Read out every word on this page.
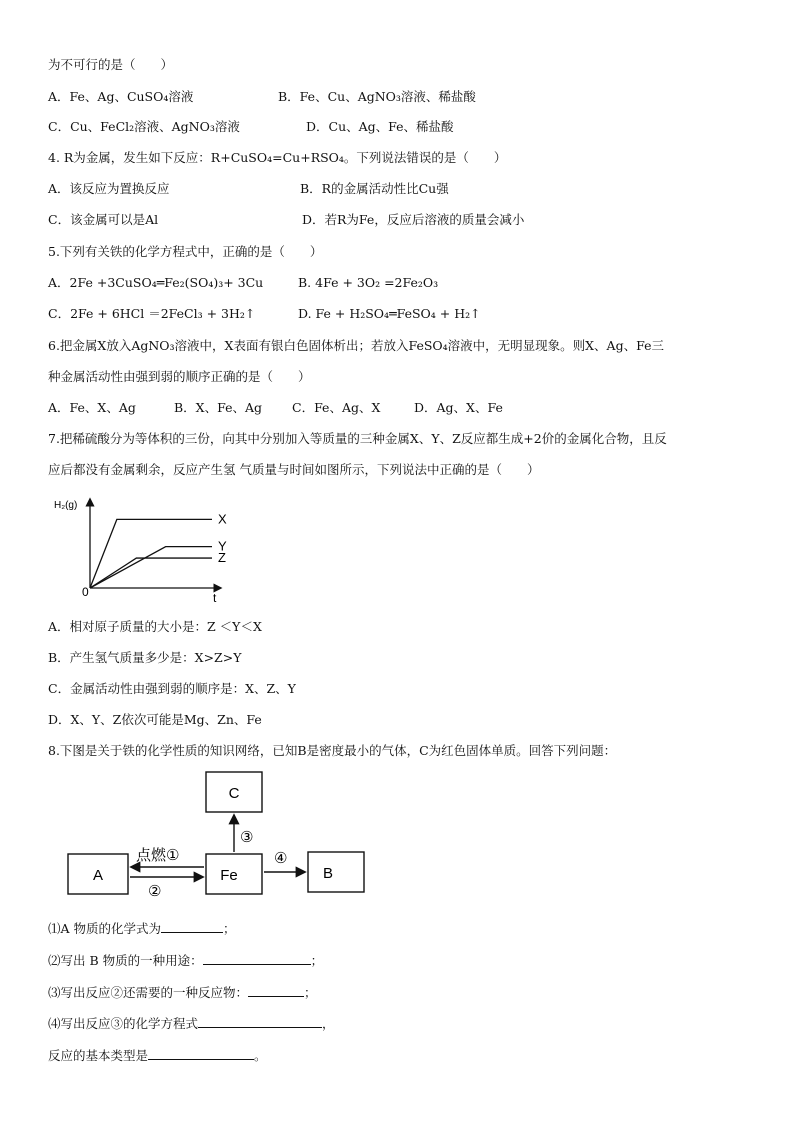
为不可行的是（　　）
A．Fe、Ag、CuSO₄溶液	B．Fe、Cu、AgNO₃溶液、稀盐酸
C．Cu、FeCl₂溶液、AgNO₃溶液	D．Cu、Ag、Fe、稀盐酸
4. R为金属，发生如下反应：R+CuSO₄=Cu+RSO₄。下列说法错误的是（　　）
A．该反应为置换反应	B．R的金属活动性比Cu强
C．该金属可以是Al	D．若R为Fe，反应后溶液的质量会减小
5.下列有关铁的化学方程式中，正确的是（　　）
A．2Fe +3CuSO₄═Fe₂(SO₄)₃+ 3Cu	B. 4Fe + 3O₂ =2Fe₂O₃
C．2Fe + 6HCl ＝2FeCl₃ + 3H₂↑	D. Fe + H₂SO₄═FeSO₄ + H₂↑
6.把金属X放入AgNO₃溶液中，X表面有银白色固体析出；若放入FeSO₄溶液中，无明显现象。则X、Ag、Fe三
种金属活动性由强到弱的顺序正确的是（　　）
A．Fe、X、Ag	B．X、Fe、Ag C．Fe、Ag、X	D．Ag、X、Fe
7.把稀硫酸分为等体积的三份，向其中分别加入等质量的三种金属X、Y、Z反应都生成+2价的金属化合物，且反
应后都没有金属剩余，反应产生氢 气质量与时间如图所示，下列说法中正确的是（　　）
H₂(g)
t
0
X
Y
Z
A．相对原子质量的大小是：Z ＜Y＜X
B．产生氢气质量多少是：X>Z>Y
C．金属活动性由强到弱的顺序是：X、Z、Y
D．X、Y、Z依次可能是Mg、Zn、Fe
8.下图是关于铁的化学性质的知识网络，已知B是密度最小的气体，C为红色固体单质。回答下列问题：
C
A	Fe	B
点燃①
②
③
④
⑴A 物质的化学式为	；
⑵写出 B 物质的一种用途：	；
⑶写出反应②还需要的一种反应物：	；
⑷写出反应③的化学方程式	，
反应的基本类型是	。
